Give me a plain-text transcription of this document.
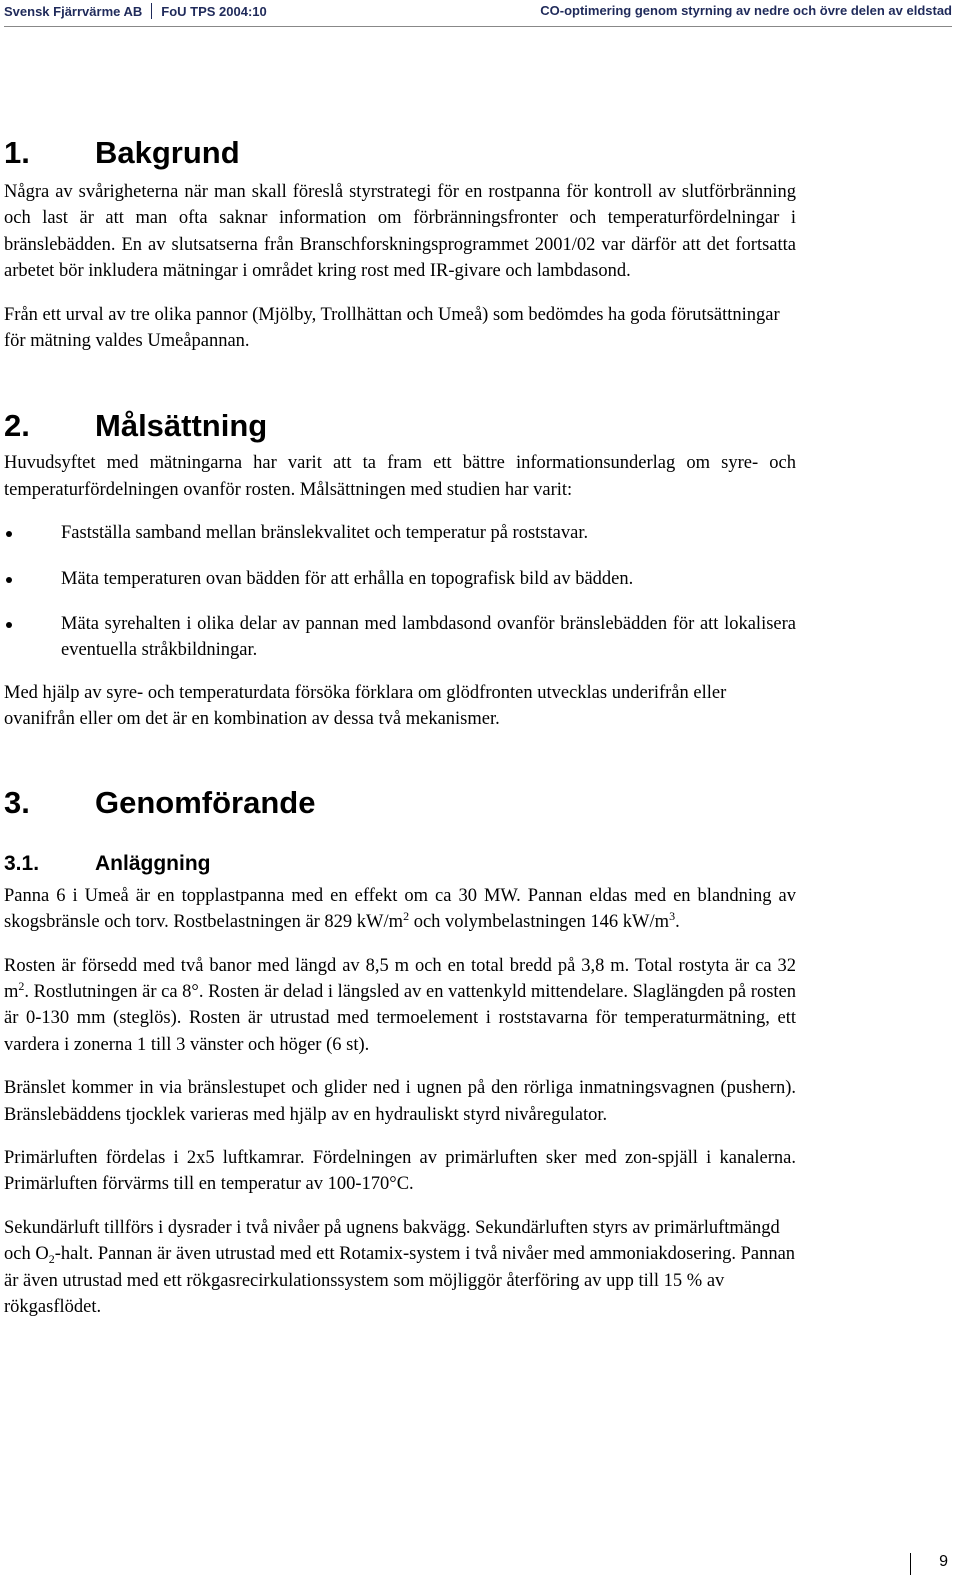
Svensk Fjärrvärme AB FoU TPS 2004:10	CO-optimering genom styrning av nedre och övre delen av eldstad
1. Bakgrund

Några av svårigheterna när man skall föreslå styrstrategi för en rostpanna för kontroll av slutförbränning och last är att man ofta saknar information om förbränningsfronter och temperaturfördelningar i bränslebädden. En av slutsatserna från Branschforskningsprogrammet 2001/02 var därför att det fortsatta arbetet bör inkludera mätningar i området kring rost med IR-givare och lambdasond.

Från ett urval av tre olika pannor (Mjölby, Trollhättan och Umeå) som bedömdes ha goda förutsättningar för mätning valdes Umeåpannan.

2. Målsättning

Huvudsyftet med mätningarna har varit att ta fram ett bättre informationsunderlag om syre- och temperaturfördelningen ovanför rosten. Målsättningen med studien har varit:

Fastställa samband mellan bränslekvalitet och temperatur på roststavar.
Mäta temperaturen ovan bädden för att erhålla en topografisk bild av bädden.
Mäta syrehalten i olika delar av pannan med lambdasond ovanför bränslebädden för att lokalisera eventuella stråkbildningar.

Med hjälp av syre- och temperaturdata försöka förklara om glödfronten utvecklas underifrån eller ovanifrån eller om det är en kombination av dessa två mekanismer.

3. Genomförande
3.1.	Anläggning

Panna 6 i Umeå är en topplastpanna med en effekt om ca 30 MW. Pannan eldas med en blandning av skogsbränsle och torv. Rostbelastningen är 829 $kW/m^2$ och volymbelastningen 146 $kW/m^3$.

Rosten är försedd med två banor med längd av 8,5 m och en total bredd på 3,8 m. Total rostyta är ca 32 $m^2$. Rostlutningen är ca 8°. Rosten är delad i längsled av en vattenkyld mittendelare. Slaglängden på rosten är 0-130 mm (steglös). Rosten är utrustad med termoelement i roststavarna för temperaturmätning, ett vardera i zonerna 1 till 3 vänster och höger (6 st).

Bränslet kommer in via bränslestupet och glider ned i ugnen på den rörliga inmatningsvagnen (pushern). Bränslebäddens tjocklek varieras med hjälp av en hydrauliskt styrd nivåregulator.

Primärluften fördelas i 2x5 luftkamrar. Fördelningen av primärluften sker med zon-spjäll i kanalerna. Primärluften förvärms till en temperatur av 100-170°C.

Sekundärluft tillförs i dysrader i två nivåer på ugnens bakvägg. Sekundärluften styrs av primärluftmängd och $O_2$-halt. Pannan är även utrustad med ett Rotamix-system i två nivåer med ammoniakdosering. Pannan är även utrustad med ett rökgasrecirkulationssystem som möjliggör återföring av upp till 15 % av rökgasflödet.

9
